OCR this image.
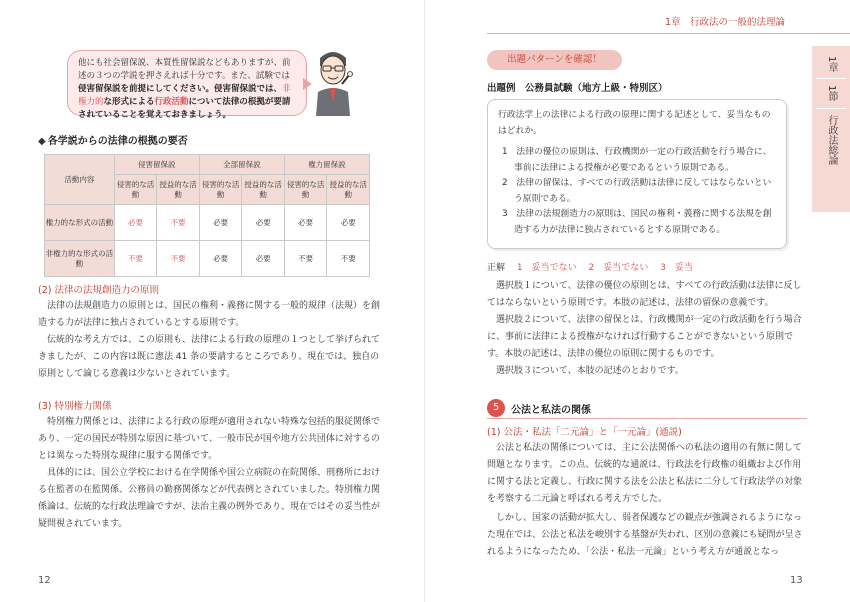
他にも社会留保説、本質性留保説などもありますが、前述の３つの学説を押さえれば十分です。また、試験では侵害留保説を前提にしてください。侵害留保説では、非権力的な形式による行政活動について法律の根拠が要請されていることを覚えておきましょう。
◆ 各学説からの法律の根拠の要否
活動内容	侵害留保説		全部留保説		権力留保説	
	侵害的な活動	授益的な活動	侵害的な活動	授益的な活動	侵害的な活動	授益的な活動
権力的な形式の活動	必要	不要	必要	必要	必要	必要
非権力的な形式の活動	不要	不要	必要	必要	不要	不要
(2) 法律の法規創造力の原則
法律の法規創造力の原則とは、国民の権利・義務に関する一般的規律（法規）を創造する力が法律に独占されているとする原則です。
伝統的な考え方では、この原則も、法律による行政の原理の１つとして挙げられてきましたが、この内容は既に憲法 41 条の要請するところであり、現在では、独自の原則として論じる意義は少ないとされています。
(3) 特別権力関係
特別権力関係とは、法律による行政の原理が適用されない特殊な包括的服従関係であり、一定の国民が特別な原因に基づいて、一般市民が国や地方公共団体に対するのとは異なった特別な規律に服する関係です。
具体的には、国公立学校における在学関係や国公立病院の在院関係、刑務所における在監者の在監関係、公務員の勤務関係などが代表例とされていました。特別権力関係論は、伝統的な行政法理論ですが、法治主義の例外であり、現在ではその妥当性が疑問視されています。
12
1章　行政法の一般的法理論
1章
1節
行政法総論
出題パターンを確認！
出題例　公務員試験（地方上級・特別区）
行政法学上の法律による行政の原理に関する記述として、妥当なものはどれか。
1　法律の優位の原則は、行政機関が一定の行政活動を行う場合に、事前に法律による授権が必要であるという原則である。
2　法律の留保は、すべての行政活動は法律に反してはならないという原則である。
3　法律の法規創造力の原則は、国民の権利・義務に関する法規を創造する力が法律に独占されているとする原則である。
正解　 1　妥当でない　 2　妥当でない　 3　妥当
選択肢１について、法律の優位の原則とは、すべての行政活動は法律に反してはならないという原則です。本肢の記述は、法律の留保の意義です。
選択肢２について、法律の留保とは、行政機関が一定の行政活動を行う場合に、事前に法律による授権がなければ行動することができないという原則です。本肢の記述は、法律の優位の原則に関するものです。
選択肢３について、本肢の記述のとおりです。
5	公法と私法の関係
(1) 公法・私法「二元論」と「一元論」(通説)
公法と私法の関係については、主に公法関係への私法の適用の有無に関して問題となります。この点、伝統的な通説は、行政法を行政権の組織および作用に関する法と定義し、行政に関する法を公法と私法に二分して行政法学の対象を考察する二元論と呼ばれる考え方でした。
しかし、国家の活動が拡大し、弱者保護などの観点が強調されるようになった現在では、公法と私法を峻別する基盤が失われ、区別の意義にも疑問が呈されるようになったため、「公法・私法一元論」という考え方が通説となっ
13
